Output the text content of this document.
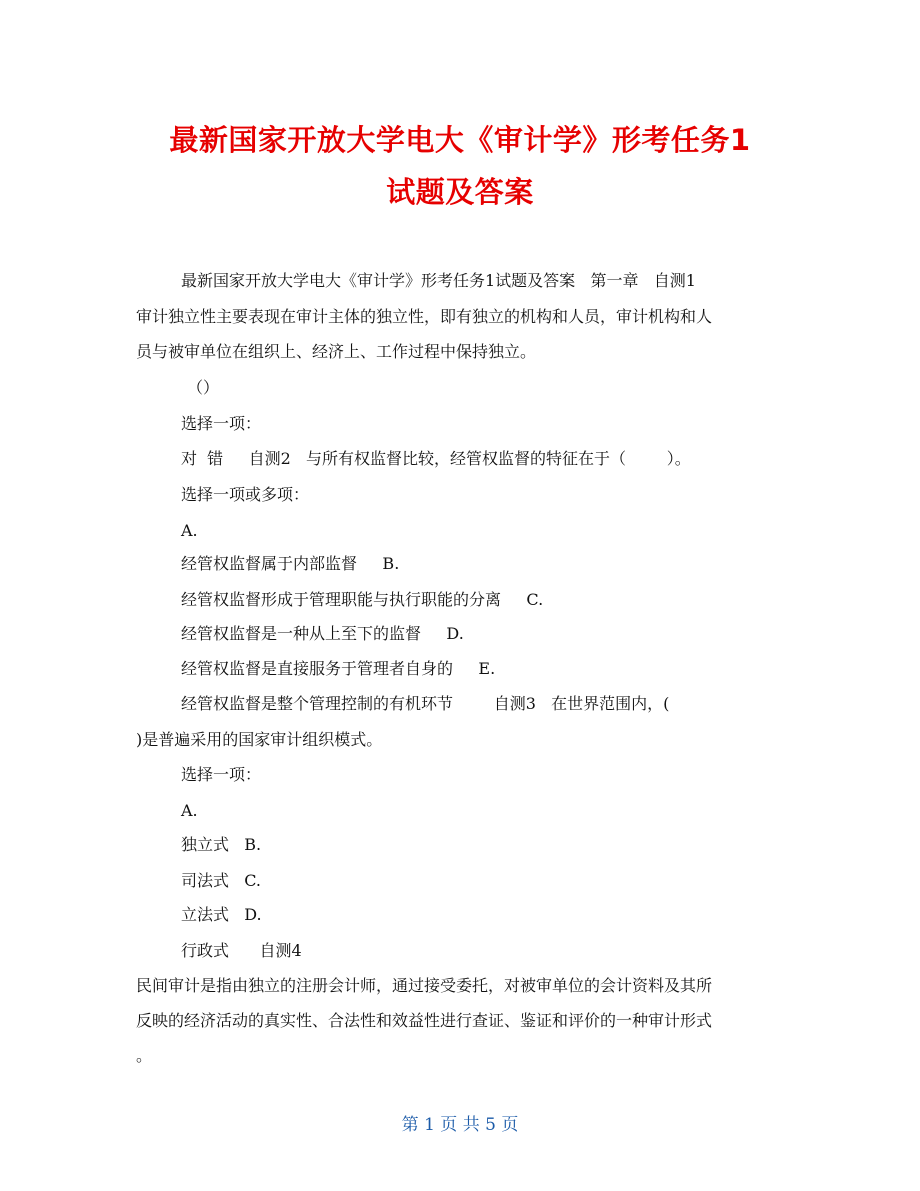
最新国家开放大学电大《审计学》形考任务1
试题及答案
最新国家开放大学电大《审计学》形考任务1试题及答案   第一章   自测1
审计独立性主要表现在审计主体的独立性，即有独立的机构和人员，审计机构和人
员与被审单位在组织上、经济上、工作过程中保持独立。
（）
选择一项：
对  错     自测2   与所有权监督比较，经管权监督的特征在于（        ）。
选择一项或多项：
A.
经管权监督属于内部监督     B.
经管权监督形成于管理职能与执行职能的分离     C.
经管权监督是一种从上至下的监督     D.
经管权监督是直接服务于管理者自身的     E.
经管权监督是整个管理控制的有机环节        自测3   在世界范围内，(
)是普遍采用的国家审计组织模式。
选择一项：
A.
独立式   B.
司法式   C.
立法式   D.
行政式      自测4
民间审计是指由独立的注册会计师，通过接受委托，对被审单位的会计资料及其所
反映的经济活动的真实性、合法性和效益性进行查证、鉴证和评价的一种审计形式
。
第 1 页 共 5 页
